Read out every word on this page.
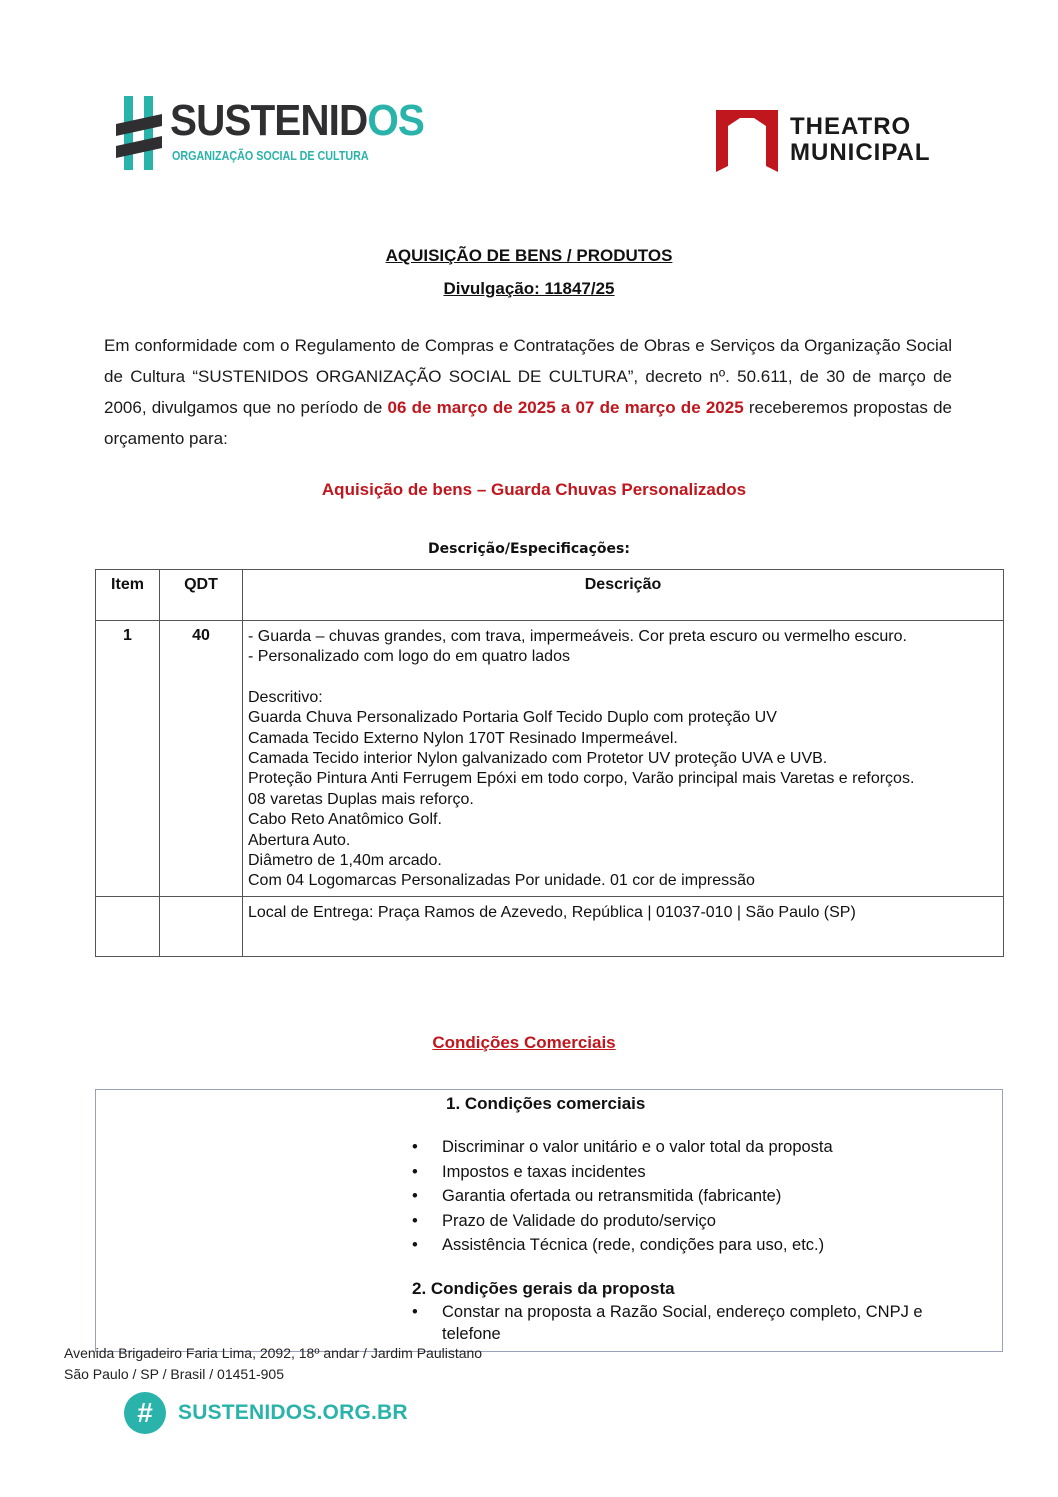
SUSTENIDOS
ORGANIZAÇÃO SOCIAL DE CULTURA
THEATRO
MUNICIPAL
AQUISIÇÃO DE BENS / PRODUTOS
Divulgação: 11847/25
Em conformidade com o Regulamento de Compras e Contratações de Obras e Serviços da Organização Social de Cultura “SUSTENIDOS ORGANIZAÇÃO SOCIAL DE CULTURA”, decreto nº. 50.611, de 30 de março de 2006, divulgamos que no período de 06 de março de 2025 a 07 de março de 2025 receberemos propostas de orçamento para:
Aquisição de bens – Guarda Chuvas Personalizados
Descrição/Especificações:
Item	QDT	Descrição
1	40	- Guarda – chuvas grandes, com trava, impermeáveis. Cor preta escuro ou vermelho escuro.
- Personalizado com logo do em quatro lados
Descritivo:
Guarda Chuva Personalizado Portaria Golf Tecido Duplo com proteção UV
Camada Tecido Externo Nylon 170T Resinado Impermeável.
Camada Tecido interior Nylon galvanizado com Protetor UV proteção UVA e UVB.
Proteção Pintura Anti Ferrugem Epóxi em todo corpo, Varão principal mais Varetas e reforços.
08 varetas Duplas mais reforço.
Cabo Reto Anatômico Golf.
Abertura Auto.
Diâmetro de 1,40m arcado.
Com 04 Logomarcas Personalizadas Por unidade. 01 cor de impressão

		Local de Entrega: Praça Ramos de Azevedo, República | 01037-010 | São Paulo (SP)
Condições Comerciais
1. Condições comerciais
• Discriminar o valor unitário e o valor total da proposta
• Impostos e taxas incidentes
• Garantia ofertada ou retransmitida (fabricante)
• Prazo de Validade do produto/serviço
• Assistência Técnica (rede, condições para uso, etc.)
2. Condições gerais da proposta
• Constar na proposta a Razão Social, endereço completo, CNPJ e telefone
Avenida Brigadeiro Faria Lima, 2092, 18º andar / Jardim Paulistano
São Paulo / SP / Brasil / 01451-905
#	SUSTENIDOS.ORG.BR
